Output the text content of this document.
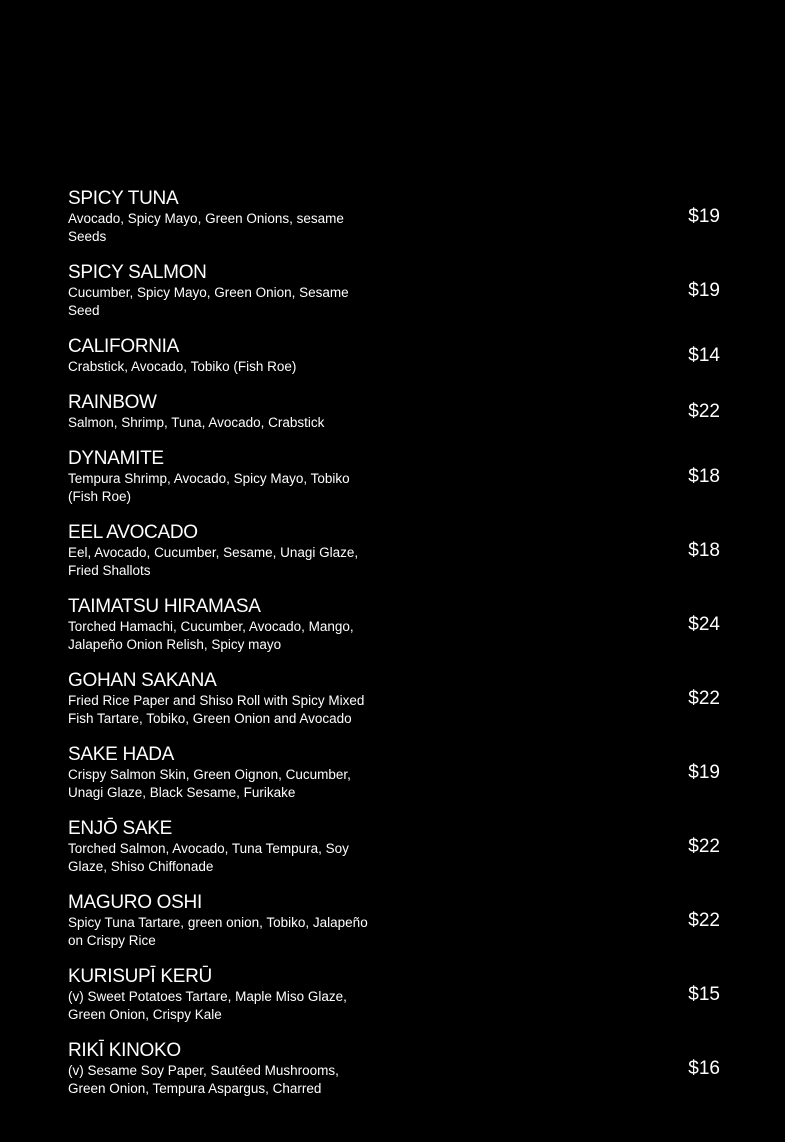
SPICY TUNA
Avocado, Spicy Mayo, Green Onions, sesame Seeds
$19
SPICY SALMON
Cucumber, Spicy Mayo, Green Onion, Sesame Seed
$19
CALIFORNIA
Crabstick, Avocado, Tobiko (Fish Roe)
$14
RAINBOW
Salmon, Shrimp, Tuna, Avocado, Crabstick
$22
DYNAMITE
Tempura Shrimp, Avocado, Spicy Mayo, Tobiko (Fish Roe)
$18
EEL AVOCADO
Eel, Avocado, Cucumber, Sesame, Unagi Glaze, Fried Shallots
$18
TAIMATSU HIRAMASA
Torched Hamachi, Cucumber, Avocado, Mango, Jalapeño Onion Relish, Spicy mayo
$24
GOHAN SAKANA
Fried Rice Paper and Shiso Roll with Spicy Mixed Fish Tartare, Tobiko, Green Onion and Avocado
$22
SAKE HADA
Crispy Salmon Skin, Green Oignon, Cucumber, Unagi Glaze, Black Sesame, Furikake
$19
ENJŌ SAKE
Torched Salmon, Avocado, Tuna Tempura, Soy Glaze, Shiso Chiffonade
$22
MAGURO OSHI
Spicy Tuna Tartare, green onion, Tobiko, Jalapeño on Crispy Rice
$22
KURISUPĪ KERŪ
(v) Sweet Potatoes Tartare, Maple Miso Glaze, Green Onion, Crispy Kale
$15
RIKĪ KINOKO
(v) Sesame Soy Paper, Sautéed Mushrooms, Green Onion, Tempura Aspargus, Charred
$16
